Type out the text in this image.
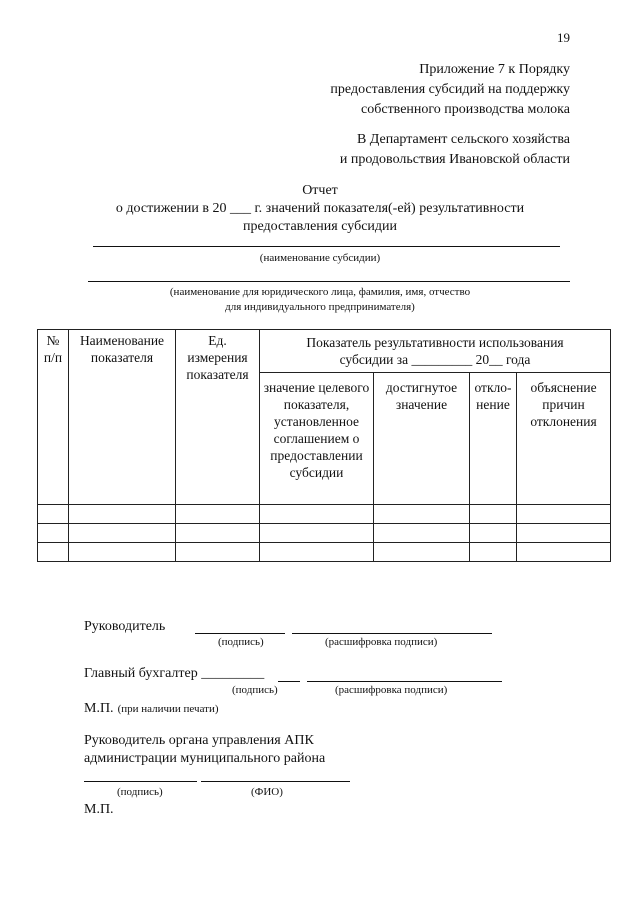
19
Приложение 7 к Порядку
предоставления субсидий на поддержку
собственного производства молока
В Департамент сельского хозяйства
и продовольствия Ивановской области
Отчет
о достижении в 20 ___ г. значений показателя(-ей) результативности
предоставления субсидии
(наименование субсидии)
(наименование для юридического лица, фамилия, имя, отчество
для индивидуального предпринимателя)
№ п/п	Наименование показателя	Ед. измерения показателя	Показатель результативности использования субсидии за _________ 20__ года			
			значение целевого показателя, установленное соглашением о предоставлении субсидии	достигнутое значение	откло-нение	объяснение причин отклонения

Руководитель
(подпись)	(расшифровка подписи)
Главный бухгалтер _________
(подпись)	(расшифровка подписи)
М.П. (при наличии печати)
Руководитель органа управления АПК
администрации муниципального района
(подпись)	(ФИО)
М.П.
